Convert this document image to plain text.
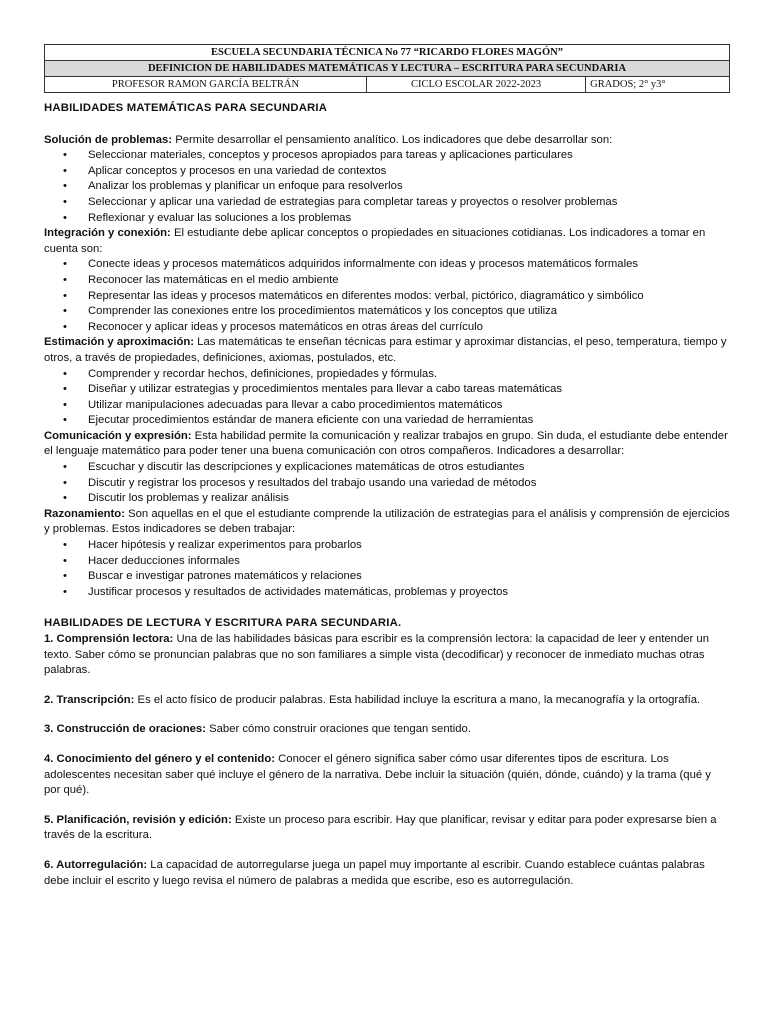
ESCUELA SECUNDARIA TÉCNICA No 77 “RICARDO FLORES MAGÓN”
DEFINICION DE HABILIDADES MATEMÁTICAS Y LECTURA – ESCRITURA PARA SECUNDARIA
PROFESOR RAMON GARCÍA BELTRÁN	CICLO ESCOLAR 2022-2023	GRADOS; 2° y3°
HABILIDADES MATEMÁTICAS PARA SECUNDARIA

Solución de problemas: Permite desarrollar el pensamiento analítico. Los indicadores que debe desarrollar son:

• Seleccionar materiales, conceptos y procesos apropiados para tareas y aplicaciones particulares
• Aplicar conceptos y procesos en una variedad de contextos
• Analizar los problemas y planificar un enfoque para resolverlos
• Seleccionar y aplicar una variedad de estrategias para completar tareas y proyectos o resolver problemas
• Reflexionar y evaluar las soluciones a los problemas

Integración y conexión: El estudiante debe aplicar conceptos o propiedades en situaciones cotidianas. Los indicadores a tomar en cuenta son:

• Conecte ideas y procesos matemáticos adquiridos informalmente con ideas y procesos matemáticos formales
• Reconocer las matemáticas en el medio ambiente
• Representar las ideas y procesos matemáticos en diferentes modos: verbal, pictórico, diagramático y simbólico
• Comprender las conexiones entre los procedimientos matemáticos y los conceptos que utiliza
• Reconocer y aplicar ideas y procesos matemáticos en otras áreas del currículo

Estimación y aproximación: Las matemáticas te enseñan técnicas para estimar y aproximar distancias, el peso, temperatura, tiempo y otros, a través de propiedades, definiciones, axiomas, postulados, etc.

• Comprender y recordar hechos, definiciones, propiedades y fórmulas.
• Diseñar y utilizar estrategias y procedimientos mentales para llevar a cabo tareas matemáticas
• Utilizar manipulaciones adecuadas para llevar a cabo procedimientos matemáticos
• Ejecutar procedimientos estándar de manera eficiente con una variedad de herramientas

Comunicación y expresión: Esta habilidad permite la comunicación y realizar trabajos en grupo. Sin duda, el estudiante debe entender el lenguaje matemático para poder tener una buena comunicación con otros compañeros. Indicadores a desarrollar:

• Escuchar y discutir las descripciones y explicaciones matemáticas de otros estudiantes
• Discutir y registrar los procesos y resultados del trabajo usando una variedad de métodos
• Discutir los problemas y realizar análisis

Razonamiento: Son aquellas en el que el estudiante comprende la utilización de estrategias para el análisis y comprensión de ejercicios y problemas. Estos indicadores se deben trabajar:

• Hacer hipótesis y realizar experimentos para probarlos
• Hacer deducciones informales
• Buscar e investigar patrones matemáticos y relaciones
• Justificar procesos y resultados de actividades matemáticas, problemas y proyectos
HABILIDADES DE LECTURA Y ESCRITURA PARA SECUNDARIA.

1. Comprensión lectora: Una de las habilidades básicas para escribir es la comprensión lectora: la capacidad de leer y entender un texto. Saber cómo se pronuncian palabras que no son familiares a simple vista (decodificar) y reconocer de inmediato muchas otras palabras.

2. Transcripción: Es el acto físico de producir palabras. Esta habilidad incluye la escritura a mano, la mecanografía y la ortografía.

3. Construcción de oraciones: Saber cómo construir oraciones que tengan sentido.

4. Conocimiento del género y el contenido: Conocer el género significa saber cómo usar diferentes tipos de escritura. Los adolescentes necesitan saber qué incluye el género de la narrativa. Debe incluir la situación (quién, dónde, cuándo) y la trama (qué y por qué).

5. Planificación, revisión y edición: Existe un proceso para escribir. Hay que planificar, revisar y editar para poder expresarse bien a través de la escritura.

6. Autorregulación: La capacidad de autorregularse juega un papel muy importante al escribir. Cuando establece cuántas palabras debe incluir el escrito y luego revisa el número de palabras a medida que escribe, eso es autorregulación.
